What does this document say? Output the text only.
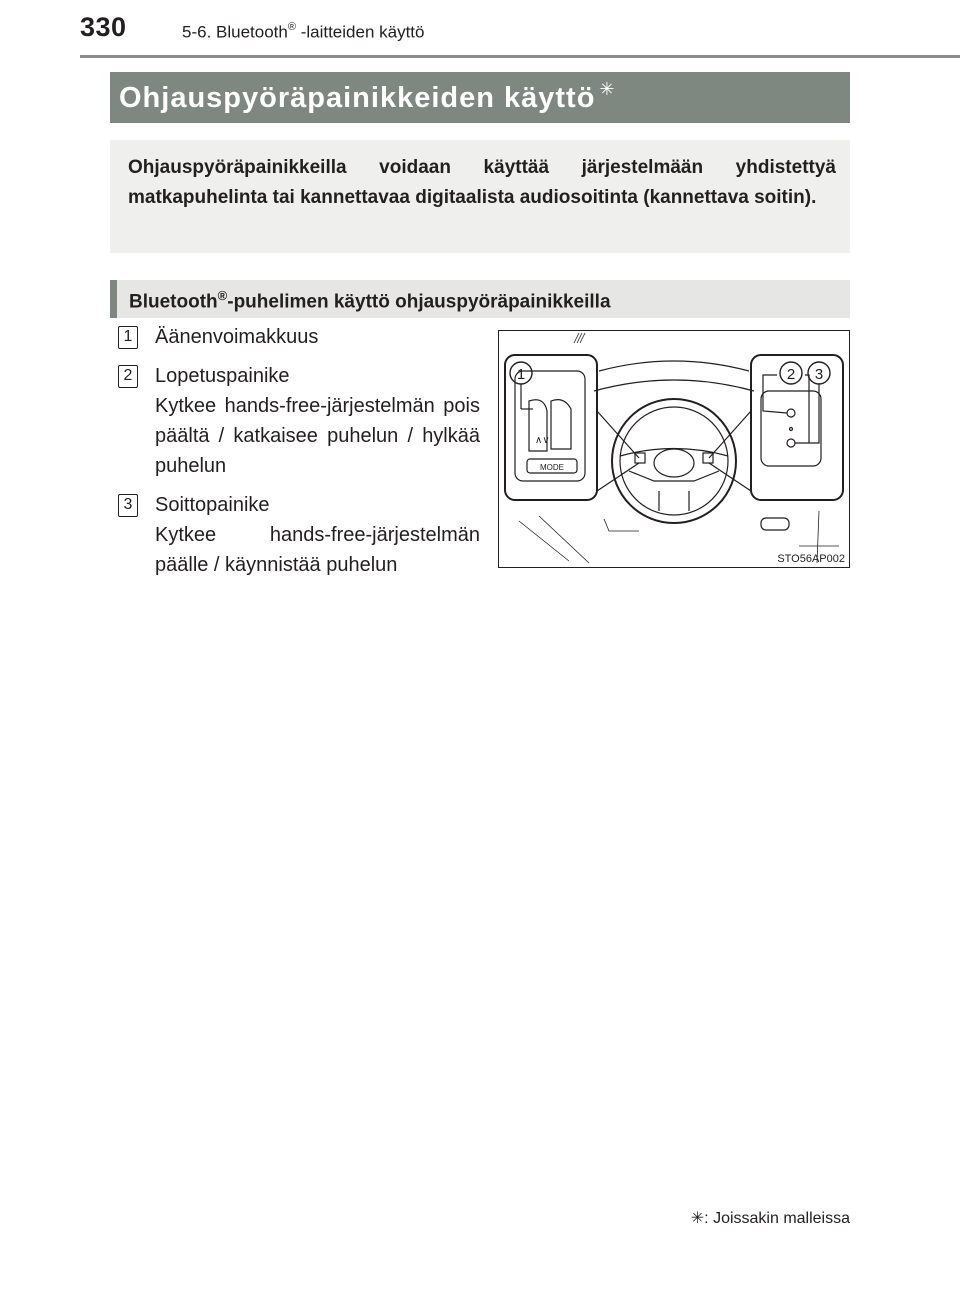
330	5-6. Bluetooth® -laitteiden käyttö
Ohjauspyöräpainikkeiden käyttö ✳

Ohjauspyöräpainikkeilla voidaan käyttää järjestelmään yhdistettyä matkapuhelinta tai kannettavaa digitaalista audiosoitinta (kannettava soitin).

Bluetooth®-puhelimen käyttö ohjauspyöräpainikkeilla
1 Äänenvoimakkuus
2 Lopetuspainike
Kytkee hands-free-järjestelmän pois päältä / katkaisee puhelun / hylkää puhelun
3 Soittopainike
Kytkee hands-free-järjestelmän päälle / käynnistää puhelun
∧∨
1	2 3
MODE
STO56AP002
✳: Joissakin malleissa
